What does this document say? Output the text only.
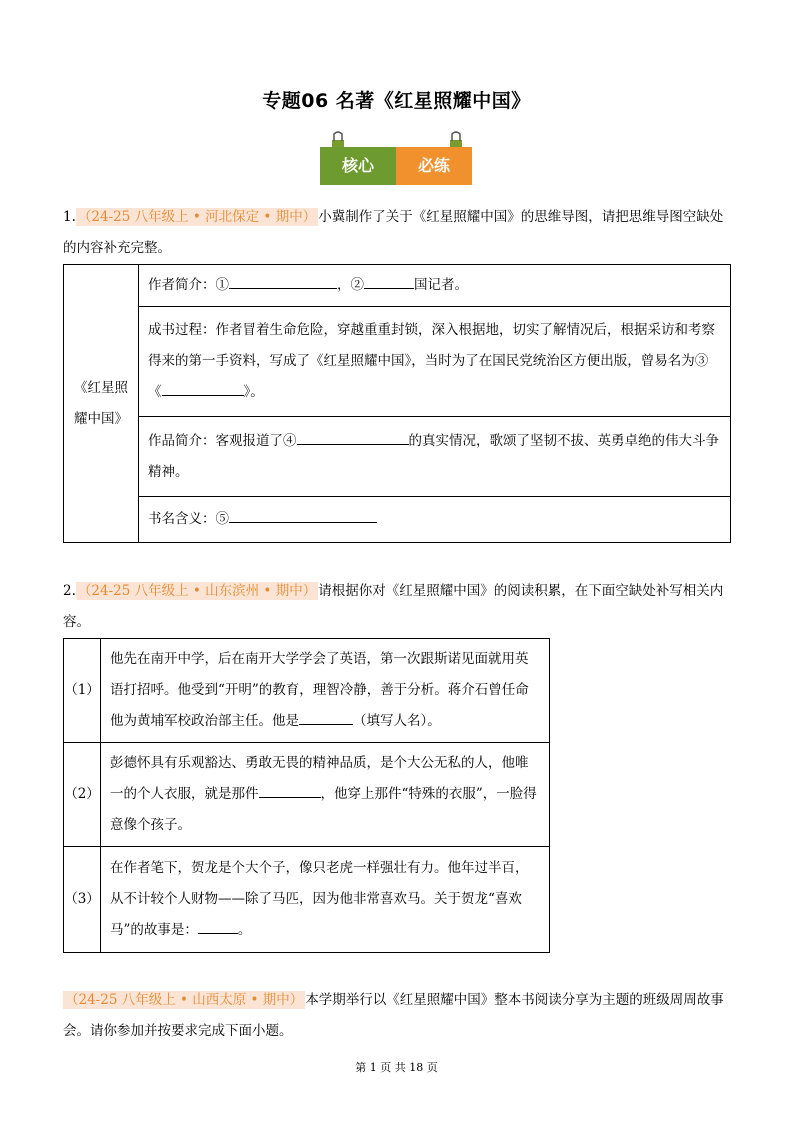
专题06 名著《红星照耀中国》
核心	必练
1. （24-25 八年级上 • 河北保定 • 期中） 小冀制作了关于《红星照耀中国》的思维导图，请把思维导图空缺处的内容补充完整。
《红星照耀中国》	作者简介：①	，②	国记者。
成书过程：作者冒着生命危险，穿越重重封锁，深入根据地，切实了解情况后，根据采访和考察得来的第一手资料，写成了《红星照耀中国》，当时为了在国民党统治区方便出版，曾易名为③《	》。
作品简介：客观报道了④	的真实情况，歌颂了坚韧不拔、英勇卓绝的伟大斗争精神。
书名含义：⑤
2. （24-25 八年级上 • 山东滨州 • 期中） 请根据你对《红星照耀中国》的阅读积累，在下面空缺处补写相关内容。
（1）	他先在南开中学，后在南开大学学会了英语，第一次跟斯诺见面就用英语打招呼。他受到“开明”的教育，理智冷静，善于分析。蒋介石曾任命他为黄埔军校政治部主任。他是 （填写人名）。
（2）	彭德怀具有乐观豁达、勇敢无畏的精神品质，是个大公无私的人，他唯一的个人衣服，就是那件 ，他穿上那件“特殊的衣服”，一脸得意像个孩子。
（3）	在作者笔下，贺龙是个大个子，像只老虎一样强壮有力。他年过半百，从不计较个人财物——除了马匹，因为他非常喜欢马。关于贺龙“喜欢马”的故事是： 。
（24-25 八年级上 • 山西太原 • 期中） 本学期举行以《红星照耀中国》整本书阅读分享为主题的班级周周故事会。请你参加并按要求完成下面小题。
第 1 页 共 18 页
